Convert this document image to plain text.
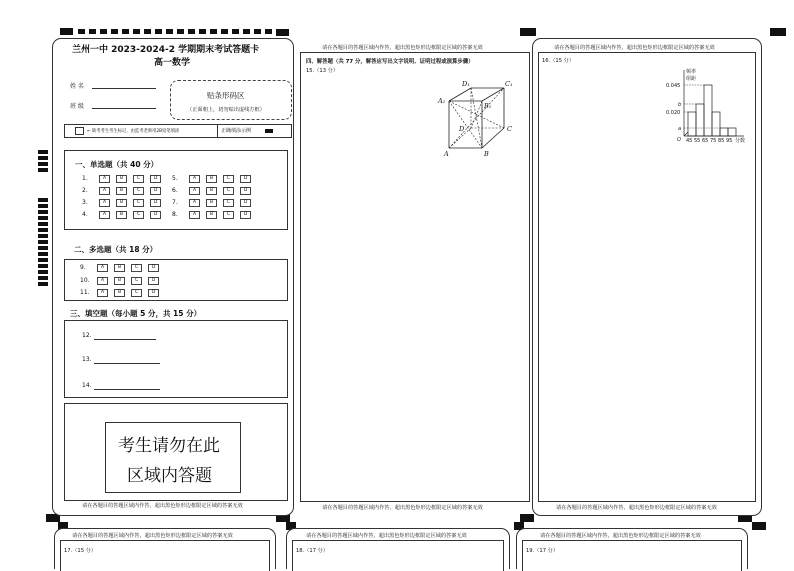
兰州一中 2023-2024-2 学期期末考试答题卡
高一数学
姓 名
班 级
贴条形码区
（正面朝上，切勿贴出虚线方框）
← 缺考考生考生标记，由监考老师用2B铅笔填涂	正确填涂示例
一、单选题（共 40 分）
1.	A	B	C	D
2.	A	B	C	D
3.	A	B	C	D
4.	A	B	C	D
5.	A	B	C	D
6.	A	B	C	D
7.	A	B	C	D
8.	A	B	C	D
二、多选题（共 18 分）
9.	A	B	C	D
10.	A	B	C	D
11.	A	B	C	D
三、填空题（每小题 5 分，共 15 分）
12.
13.
14.
考生请勿在此
区域内答题
请在各题目的答题区域内作答，超出黑色矩形边框限定区域的答案无效
请在各题目的答题区域内作答，超出黑色矩形边框限定区域的答案无效
四、解答题（共 77 分，解答应写出文字说明、证明过程或演算步骤）
15.（13 分）
A₁
D₁	C₁
B₁
D	C
A	B
请在各题目的答题区域内作答，超出黑色矩形边框限定区域的答案无效
请在各题目的答题区域内作答，超出黑色矩形边框限定区域的答案无效
16.（15 分）
频率
组距
0.045
b
0.020
a
O 45 55 65 75 85 95 分数
请在各题目的答题区域内作答，超出黑色矩形边框限定区域的答案无效
请在各题目的答题区域内作答，超出黑色矩形边框限定区域的答案无效
17.（15 分）
请在各题目的答题区域内作答，超出黑色矩形边框限定区域的答案无效
18.（17 分）
请在各题目的答题区域内作答，超出黑色矩形边框限定区域的答案无效
19.（17 分）
